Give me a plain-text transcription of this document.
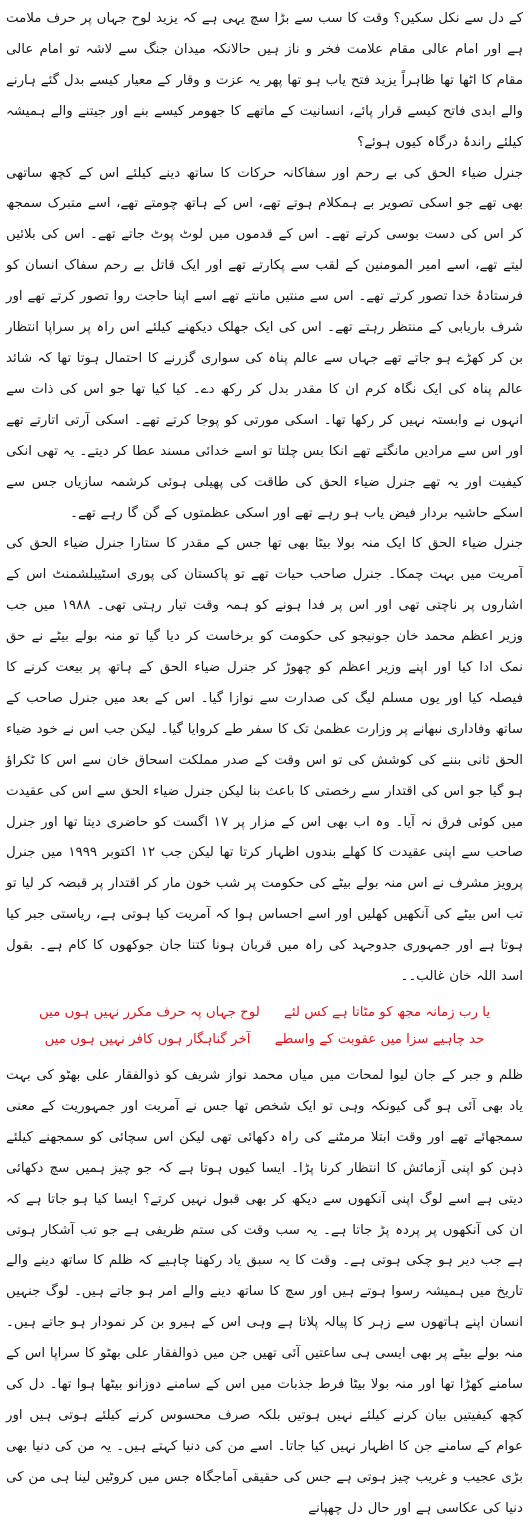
کے دل سے نکل سکیں؟ وقت کا سب سے بڑا سچ یہی ہے کہ یزید لوح جہاں پر حرف ملامت ہے اور امام عالی مقام علامت فخر و ناز ہیں حالانکہ میدان جنگ سے لاشہ تو امام عالی مقام کا اٹھا تھا ظاہراً یزید فتح یاب ہو تھا پھر یہ عزت و وقار کے معیار کیسے بدل گئے ہارنے والے ابدی فاتح کیسے قرار پائے، انسانیت کے ماتھے کا جھومر کیسے بنے اور جیتنے والے ہمیشہ کیلئے راندۂ درگاہ کیوں ہوئے؟

جنرل ضیاء الحق کی بے رحم اور سفاکانہ حرکات کا ساتھ دینے کیلئے اس کے کچھ ساتھی بھی تھے جو اسکی تصویر بے ہمکلام ہوتے تھے، اس کے ہاتھ چومتے تھے، اسے متبرک سمجھ کر اس کی دست بوسی کرتے تھے۔ اس کے قدموں میں لوٹ پوٹ جاتے تھے۔ اس کی بلائیں لیتے تھے، اسے امیر المومنین کے لقب سے پکارتے تھے اور ایک قاتل بے رحم سفاک انسان کو فرستادۂ خدا تصور کرتے تھے۔ اس سے منتیں مانتے تھے اسے اپنا حاجت روا تصور کرتے تھے اور شرف باریابی کے منتظر رہتے تھے۔ اس کی ایک جھلک دیکھنے کیلئے اس راہ پر سراپا انتظار بن کر کھڑے ہو جاتے تھے جہاں سے عالم پناہ کی سواری گزرنے کا احتمال ہوتا تھا کہ شائد عالم پناہ کی ایک نگاہ کرم ان کا مقدر بدل کر رکھ دے۔ کیا کیا تھا جو اس کی ذات سے انہوں نے وابستہ نہیں کر رکھا تھا۔ اسکی مورتی کو پوجا کرتے تھے۔ اسکی آرتی اتارتے تھے اور اس سے مرادیں مانگتے تھے انکا بس چلتا تو اسے خدائی مسند عطا کر دیتے۔ یہ تھی انکی کیفیت اور یہ تھے جنرل ضیاء الحق کی طاقت کی پھیلی ہوئی کرشمہ سازیاں جس سے اسکے حاشیہ بردار فیض یاب ہو رہے تھے اور اسکی عظمتوں کے گن گا رہے تھے۔

جنرل ضیاء الحق کا ایک منہ بولا بیٹا بھی تھا جس کے مقدر کا ستارا جنرل ضیاء الحق کی آمریت میں بہت چمکا۔ جنرل صاحب حیات تھے تو پاکستان کی پوری اسٹیبلشمنٹ اس کے اشاروں پر ناچتی تھی اور اس پر فدا ہونے کو ہمہ وقت تیار رہتی تھی۔ ۱۹۸۸ میں جب وزیر اعظم محمد خان جونیجو کی حکومت کو برخاست کر دیا گیا تو منہ بولے بیٹے نے حق نمک ادا کیا اور اپنے وزیر اعظم کو چھوڑ کر جنرل ضیاء الحق کے ہاتھ پر بیعت کرنے کا فیصلہ کیا اور یوں مسلم لیگ کی صدارت سے نوازا گیا۔ اس کے بعد میں جنرل صاحب کے ساتھ وفاداری نبھانے پر وزارت عظمیٰ تک کا سفر طے کروایا گیا۔ لیکن جب اس نے خود ضیاء الحق ثانی بننے کی کوشش کی تو اس وقت کے صدر مملکت اسحاق خان سے اس کا ٹکراؤ ہو گیا جو اس کی اقتدار سے رخصتی کا باعث بنا لیکن جنرل ضیاء الحق سے اس کی عقیدت میں کوئی فرق نہ آیا۔ وہ اب بھی اس کے مزار پر ۱۷ اگست کو حاضری دیتا تھا اور جنرل صاحب سے اپنی عقیدت کا کھلے بندوں اظہار کرتا تھا لیکن جب ۱۲ اکتوبر ۱۹۹۹ میں جنرل پرویز مشرف نے اس منہ بولے بیٹے کی حکومت پر شب خون مار کر اقتدار پر قبضہ کر لیا تو تب اس بیٹے کی آنکھیں کھلیں اور اسے احساس ہوا کہ آمریت کیا ہوتی ہے، ریاستی جبر کیا ہوتا ہے اور جمہوری جدوجہد کی راہ میں قربان ہونا کتنا جان جوکھوں کا کام ہے۔ بقول اسد اللہ خان غالب۔۔

یا رب زمانہ مجھ کو مٹاتا ہے کس لئے لوح جہاں پہ حرف مکرر نہیں ہوں میں
حد چاہیے سزا میں عقوبت کے واسطے آخر گناہگار ہوں کافر نہیں ہوں میں

ظلم و جبر کے جان لیوا لمحات میں میاں محمد نواز شریف کو ذوالفقار علی بھٹو کی بہت یاد بھی آئی ہو گی کیونکہ وہی تو ایک شخص تھا جس نے آمریت اور جمہوریت کے معنی سمجھائے تھے اور وقت ابتلا مرمٹنے کی راہ دکھائی تھی لیکن اس سچائی کو سمجھنے کیلئے ذہن کو اپنی آزمائش کا انتظار کرنا پڑا۔ ایسا کیوں ہوتا ہے کہ جو چیز ہمیں سچ دکھائی دیتی ہے اسے لوگ اپنی آنکھوں سے دیکھ کر بھی قبول نہیں کرتے؟ ایسا کیا ہو جاتا ہے کہ ان کی آنکھوں پر پردہ پڑ جاتا ہے۔ یہ سب وقت کی ستم ظریفی ہے جو تب آشکار ہوتی ہے جب دیر ہو چکی ہوتی ہے۔ وقت کا یہ سبق یاد رکھنا چاہیے کہ ظلم کا ساتھ دینے والے تاریخ میں ہمیشہ رسوا ہوتے ہیں اور سچ کا ساتھ دینے والے امر ہو جاتے ہیں۔ لوگ جنہیں انسان اپنے ہاتھوں سے زہر کا پیالہ پلاتا ہے وہی اس کے ہیرو بن کر نمودار ہو جاتے ہیں۔ منہ بولے بیٹے پر بھی ایسی ہی ساعتیں آئی تھیں جن میں ذوالفقار علی بھٹو کا سراپا اس کے سامنے کھڑا تھا اور منہ بولا بیٹا فرط جذبات میں اس کے سامنے دوزانو بیٹھا ہوا تھا۔ دل کی کچھ کیفیتیں بیان کرنے کیلئے نہیں ہوتیں بلکہ صرف محسوس کرنے کیلئے ہوتی ہیں اور عوام کے سامنے جن کا اظہار نہیں کیا جاتا۔ اسے من کی دنیا کہتے ہیں۔ یہ من کی دنیا بھی بڑی عجیب و غریب چیز ہوتی ہے جس کی حقیقی آماجگاہ جس میں کروٹیں لینا ہی من کی دنیا کی عکاسی ہے اور حال دل چھپانے
